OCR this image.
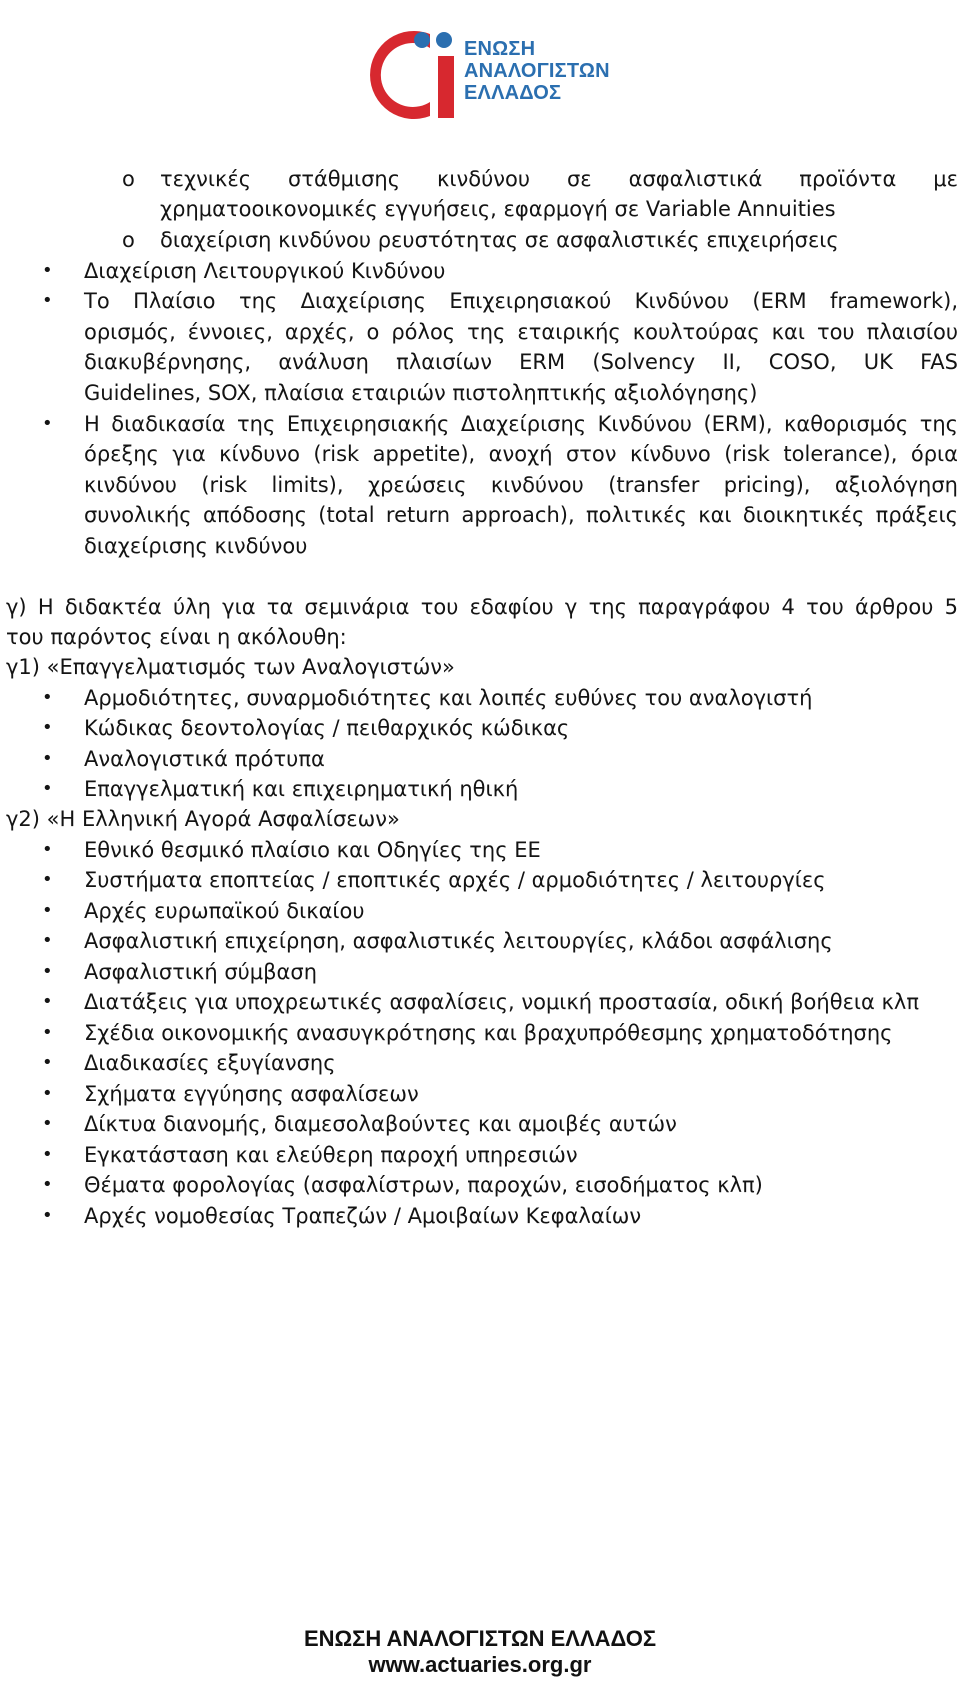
ΕΝΩΣΗ
ΑΝΑΛΟΓΙΣΤΩΝ
ΕΛΛΑΔΟΣ
o τεχνικές στάθμισης κινδύνου σε ασφαλιστικά προϊόντα με
χρηματοοικονομικές εγγυήσεις, εφαρμογή σε Variable Annuities
o διαχείριση κινδύνου ρευστότητας σε ασφαλιστικές επιχειρήσεις
• Διαχείριση Λειτουργικού Κινδύνου
• Το Πλαίσιο της Διαχείρισης Επιχειρησιακού Κινδύνου (ERM framework),
ορισμός, έννοιες, αρχές, ο ρόλος της εταιρικής κουλτούρας και του πλαισίου
διακυβέρνησης, ανάλυση πλαισίων ERM (Solvency II, COSO, UK FAS
Guidelines, SOX, πλαίσια εταιριών πιστοληπτικής αξιολόγησης)
• Η διαδικασία της Επιχειρησιακής Διαχείρισης Κινδύνου (ERM), καθορισμός της
όρεξης για κίνδυνο (risk appetite), ανοχή στον κίνδυνο (risk tolerance), όρια
κινδύνου (risk limits), χρεώσεις κινδύνου (transfer pricing), αξιολόγηση
συνολικής απόδοσης (total return approach), πολιτικές και διοικητικές πράξεις
διαχείρισης κινδύνου
γ) Η διδακτέα ύλη για τα σεμινάρια του εδαφίου γ της παραγράφου 4 του άρθρου 5
του παρόντος είναι η ακόλουθη:
γ1) «Επαγγελματισμός των Αναλογιστών»
• Αρμοδιότητες, συναρμοδιότητες και λοιπές ευθύνες του αναλογιστή
• Κώδικας δεοντολογίας / πειθαρχικός κώδικας
• Αναλογιστικά πρότυπα
• Επαγγελματική και επιχειρηματική ηθική
γ2) «Η Ελληνική Αγορά Ασφαλίσεων»
• Εθνικό θεσμικό πλαίσιο και Οδηγίες της ΕΕ
• Συστήματα εποπτείας / εποπτικές αρχές / αρμοδιότητες / λειτουργίες
• Αρχές ευρωπαϊκού δικαίου
• Ασφαλιστική επιχείρηση, ασφαλιστικές λειτουργίες, κλάδοι ασφάλισης
• Ασφαλιστική σύμβαση
• Διατάξεις για υποχρεωτικές ασφαλίσεις, νομική προστασία, οδική βοήθεια κλπ
• Σχέδια οικονομικής ανασυγκρότησης και βραχυπρόθεσμης χρηματοδότησης
• Διαδικασίες εξυγίανσης
• Σχήματα εγγύησης ασφαλίσεων
• Δίκτυα διανομής, διαμεσολαβούντες και αμοιβές αυτών
• Εγκατάσταση και ελεύθερη παροχή υπηρεσιών
• Θέματα φορολογίας (ασφαλίστρων, παροχών, εισοδήματος κλπ)
• Αρχές νομοθεσίας Τραπεζών / Αμοιβαίων Κεφαλαίων
ΕΝΩΣΗ ΑΝΑΛΟΓΙΣΤΩΝ ΕΛΛΑΔΟΣ
www.actuaries.org.gr
